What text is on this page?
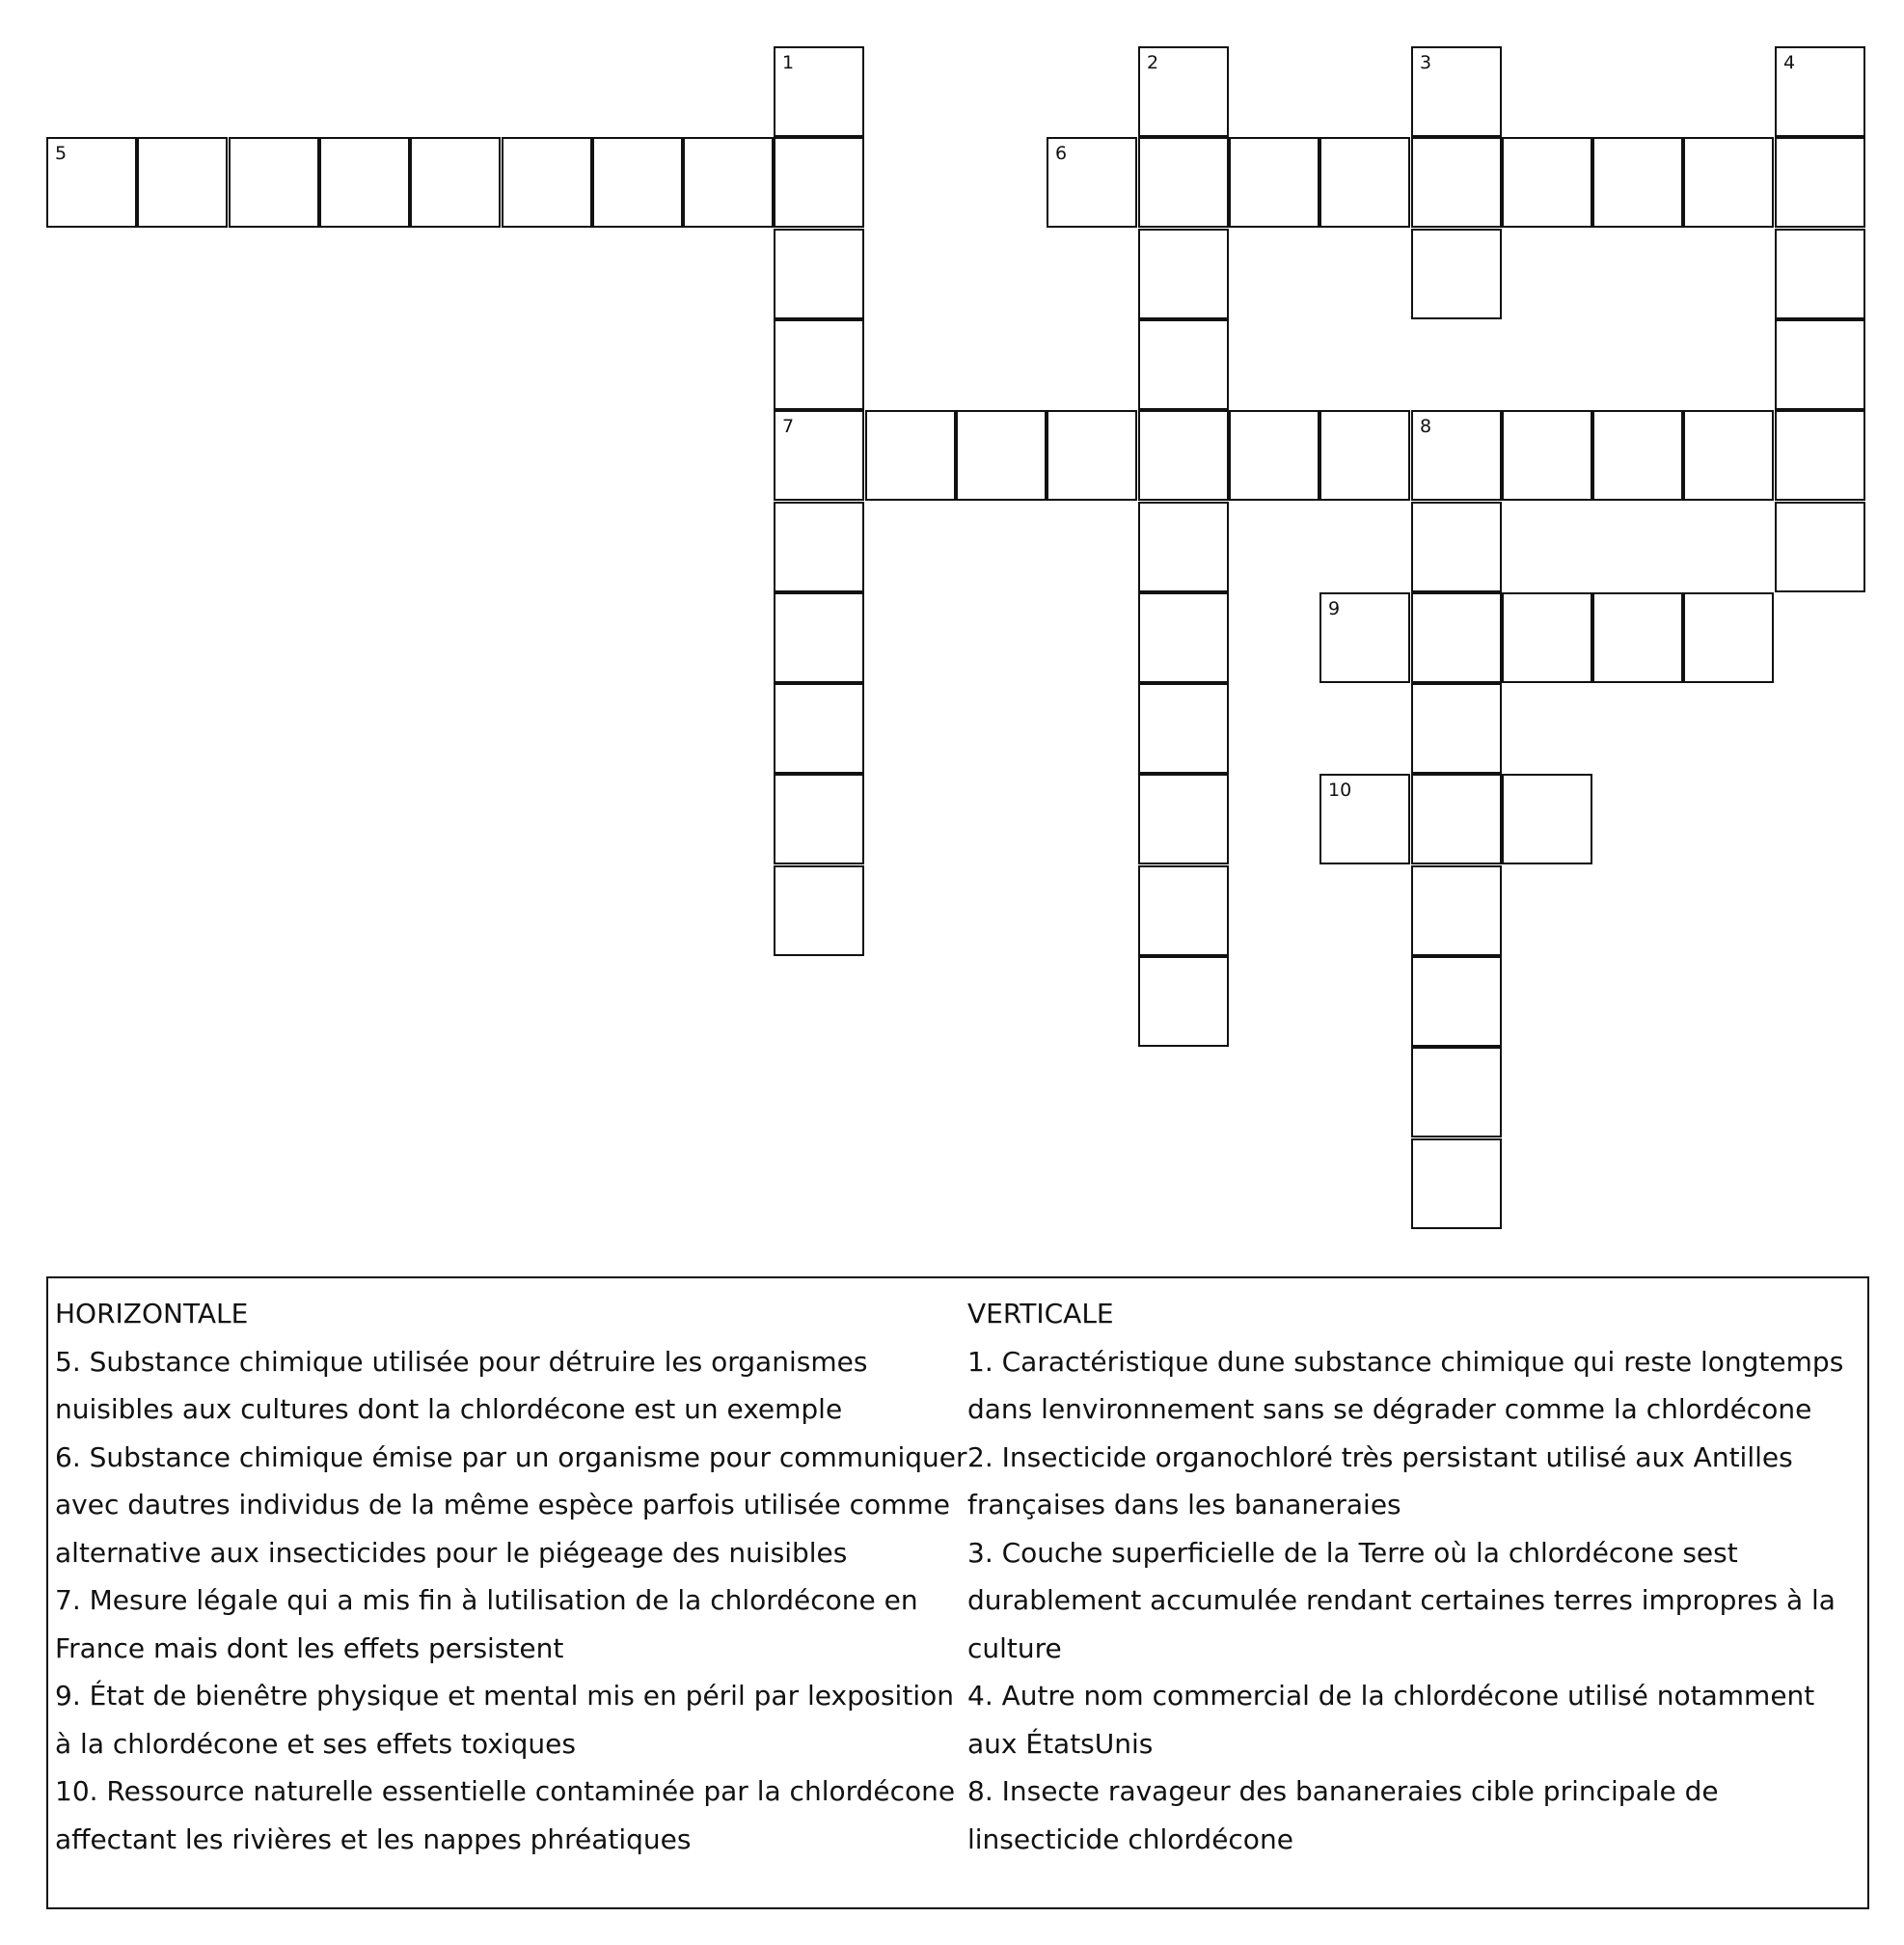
1	2	3	4
5	6
7	8
9
10

HORIZONTALE

5. Substance chimique utilisée pour détruire les organismes nuisibles aux cultures dont la chlordécone est un exemple

6. Substance chimique émise par un organisme pour communiquer avec dautres individus de la même espèce parfois utilisée comme alternative aux insecticides pour le piégeage des nuisibles

7. Mesure légale qui a mis fin à lutilisation de la chlordécone en France mais dont les effets persistent

9. État de bienêtre physique et mental mis en péril par lexposition à la chlordécone et ses effets toxiques

10. Ressource naturelle essentielle contaminée par la chlordécone affectant les rivières et les nappes phréatiques

VERTICALE

1. Caractéristique dune substance chimique qui reste longtemps dans lenvironnement sans se dégrader comme la chlordécone

2. Insecticide organochloré très persistant utilisé aux Antilles françaises dans les bananeraies

3. Couche superficielle de la Terre où la chlordécone sest durablement accumulée rendant certaines terres impropres à la culture

4. Autre nom commercial de la chlordécone utilisé notamment aux ÉtatsUnis

8. Insecte ravageur des bananeraies cible principale de linsecticide chlordécone
